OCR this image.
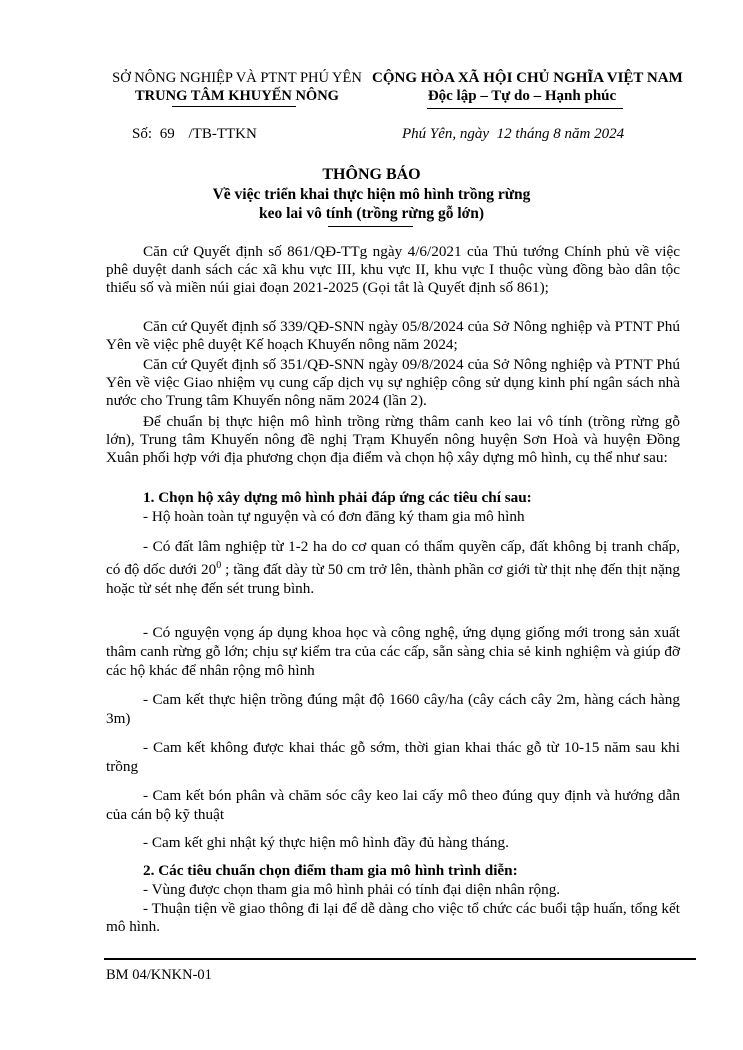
SỞ NÔNG NGHIỆP VÀ PTNT PHÚ YÊN
TRUNG TÂM KHUYẾN NÔNG
CỘNG HÒA XÃ HỘI CHỦ NGHĨA VIỆT NAM
Độc lập – Tự do – Hạnh phúc
Số: 69 /TB-TTKN	Phú Yên, ngày  12 tháng 8 năm 2024
THÔNG BÁO
Về việc triển khai thực hiện mô hình trồng rừng
keo lai vô tính (trồng rừng gỗ lớn)
Căn cứ Quyết định số 861/QĐ-TTg ngày 4/6/2021 của Thủ tướng Chính phủ về việc phê duyệt danh sách các xã khu vực III, khu vực II, khu vực I thuộc vùng đồng bào dân tộc thiểu số và miền núi giai đoạn 2021-2025 (Gọi tắt là Quyết định số 861);
Căn cứ Quyết định số 339/QĐ-SNN ngày 05/8/2024 của Sở Nông nghiệp và PTNT Phú Yên về việc phê duyệt Kế hoạch Khuyến nông năm 2024;
Căn cứ Quyết định số 351/QĐ-SNN ngày 09/8/2024 của Sở Nông nghiệp và PTNT Phú Yên về việc Giao nhiệm vụ cung cấp dịch vụ sự nghiệp công sử dụng kinh phí ngân sách nhà nước cho Trung tâm Khuyến nông năm 2024 (lần 2).
Để chuẩn bị thực hiện mô hình trồng rừng thâm canh keo lai vô tính (trồng rừng gỗ lớn), Trung tâm Khuyến nông đề nghị Trạm Khuyến nông huyện Sơn Hoà và huyện Đồng Xuân phối hợp với địa phương chọn địa điểm và chọn hộ xây dựng mô hình, cụ thể như sau:
1. Chọn hộ xây dựng mô hình phải đáp ứng các tiêu chí sau:
- Hộ hoàn toàn tự nguyện và có đơn đăng ký tham gia mô hình
- Có đất lâm nghiệp từ 1-2 ha do cơ quan có thẩm quyền cấp, đất không bị tranh chấp, có độ dốc dưới $20^0$ ; tầng đất dày từ 50 cm trở lên, thành phần cơ giới từ thịt nhẹ đến thịt nặng hoặc từ sét nhẹ đến sét trung bình.
- Có nguyện vọng áp dụng khoa học và công nghệ, ứng dụng giống mới trong sản xuất thâm canh rừng gỗ lớn; chịu sự kiểm tra của các cấp, sẵn sàng chia sẻ kinh nghiệm và giúp đỡ các hộ khác để nhân rộng mô hình
- Cam kết thực hiện trồng đúng mật độ 1660 cây/ha (cây cách cây 2m, hàng cách hàng 3m)
- Cam kết không được khai thác gỗ sớm, thời gian khai thác gỗ từ 10-15 năm sau khi trồng
- Cam kết bón phân và chăm sóc cây keo lai cấy mô theo đúng quy định và hướng dẫn của cán bộ kỹ thuật
- Cam kết ghi nhật ký thực hiện mô hình đầy đủ hàng tháng.
2. Các tiêu chuẩn chọn điểm tham gia mô hình trình diễn:
- Vùng được chọn tham gia mô hình phải có tính đại diện nhân rộng.
- Thuận tiện về giao thông đi lại để dễ dàng cho việc tổ chức các buổi tập huấn, tổng kết mô hình.
BM 04/KNKN-01
